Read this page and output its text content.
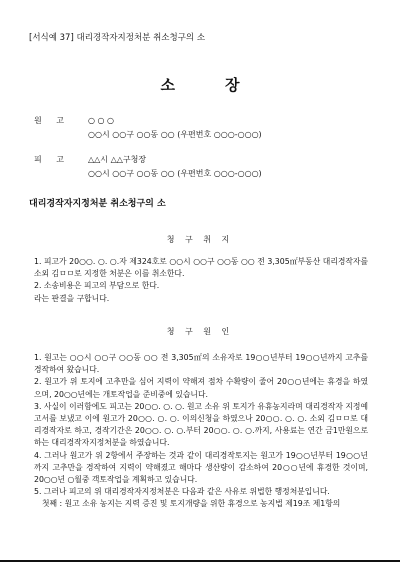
[서식예 37] 대리경작자지정처분 취소청구의 소
소	장
원 고 ○ ○ ○
○○시 ○○구 ○○동 ○○ (우편번호 ○○○-○○○)
피 고 △△시 △△구청장
○○시 ○○구 ○○동 ○○ (우편번호 ○○○-○○○)
대리경작자지정처분 취소청구의 소
청 구 취 지

1. 피고가 20○○. ○. ○.자 제324호로 ○○시 ○○구 ○○동 ○○ 전 3,305㎡부동산 대리경작자를 소외 김ㅁㅁ로 지정한 처분은 이를 취소한다.

2. 소송비용은 피고의 부담으로 한다.

라는 판결을 구합니다.

청 구 원 인

1. 원고는 ○○시 ○○구 ○○동 ○○ 전 3,305㎡의 소유자로 19○○년부터 19○○년까지 고추를 경작하여 왔습니다.

2. 원고가 위 토지에 고추만을 심어 지력이 약해져 점차 수확량이 줄어 20○○년에는 휴경을 하였으며, 20○○년에는 개토작업을 준비중에 있습니다.

3. 사실이 이러함에도 피고는 20○○. ○. ○. 원고 소유 위 토지가 유휴농지라며 대리경작자 지정예고서를 보냈고 이에 원고가 20○○. ○. ○. 이의신청을 하였으나 20○○. ○. ○. 소외 김ㅁㅁ로 대리경작자로 하고, 경작기간은 20○○. ○. ○.부터 20○○. ○. ○.까지, 사용료는 연간 금1만원으로 하는 대리경작자지정처분을 하였습니다.

4. 그러나 원고가 위 2항에서 주장하는 것과 같이 대리경작토지는 원고가 19○○년부터 19○○년까지 고추만을 경작하여 지력이 약해졌고 해마다 생산량이 감소하여 20○○년에 휴경한 것이며, 20○○년 ○월중 객토작업을 계획하고 있습니다.

5. 그러나 피고의 위 대리경작자지정처분은 다음과 같은 사유로 위법한 행정처분입니다.

첫째 : 원고 소유 농지는 지력 증진 및 토지개량을 위한 휴경으로 농지법 제19조 제1항의
